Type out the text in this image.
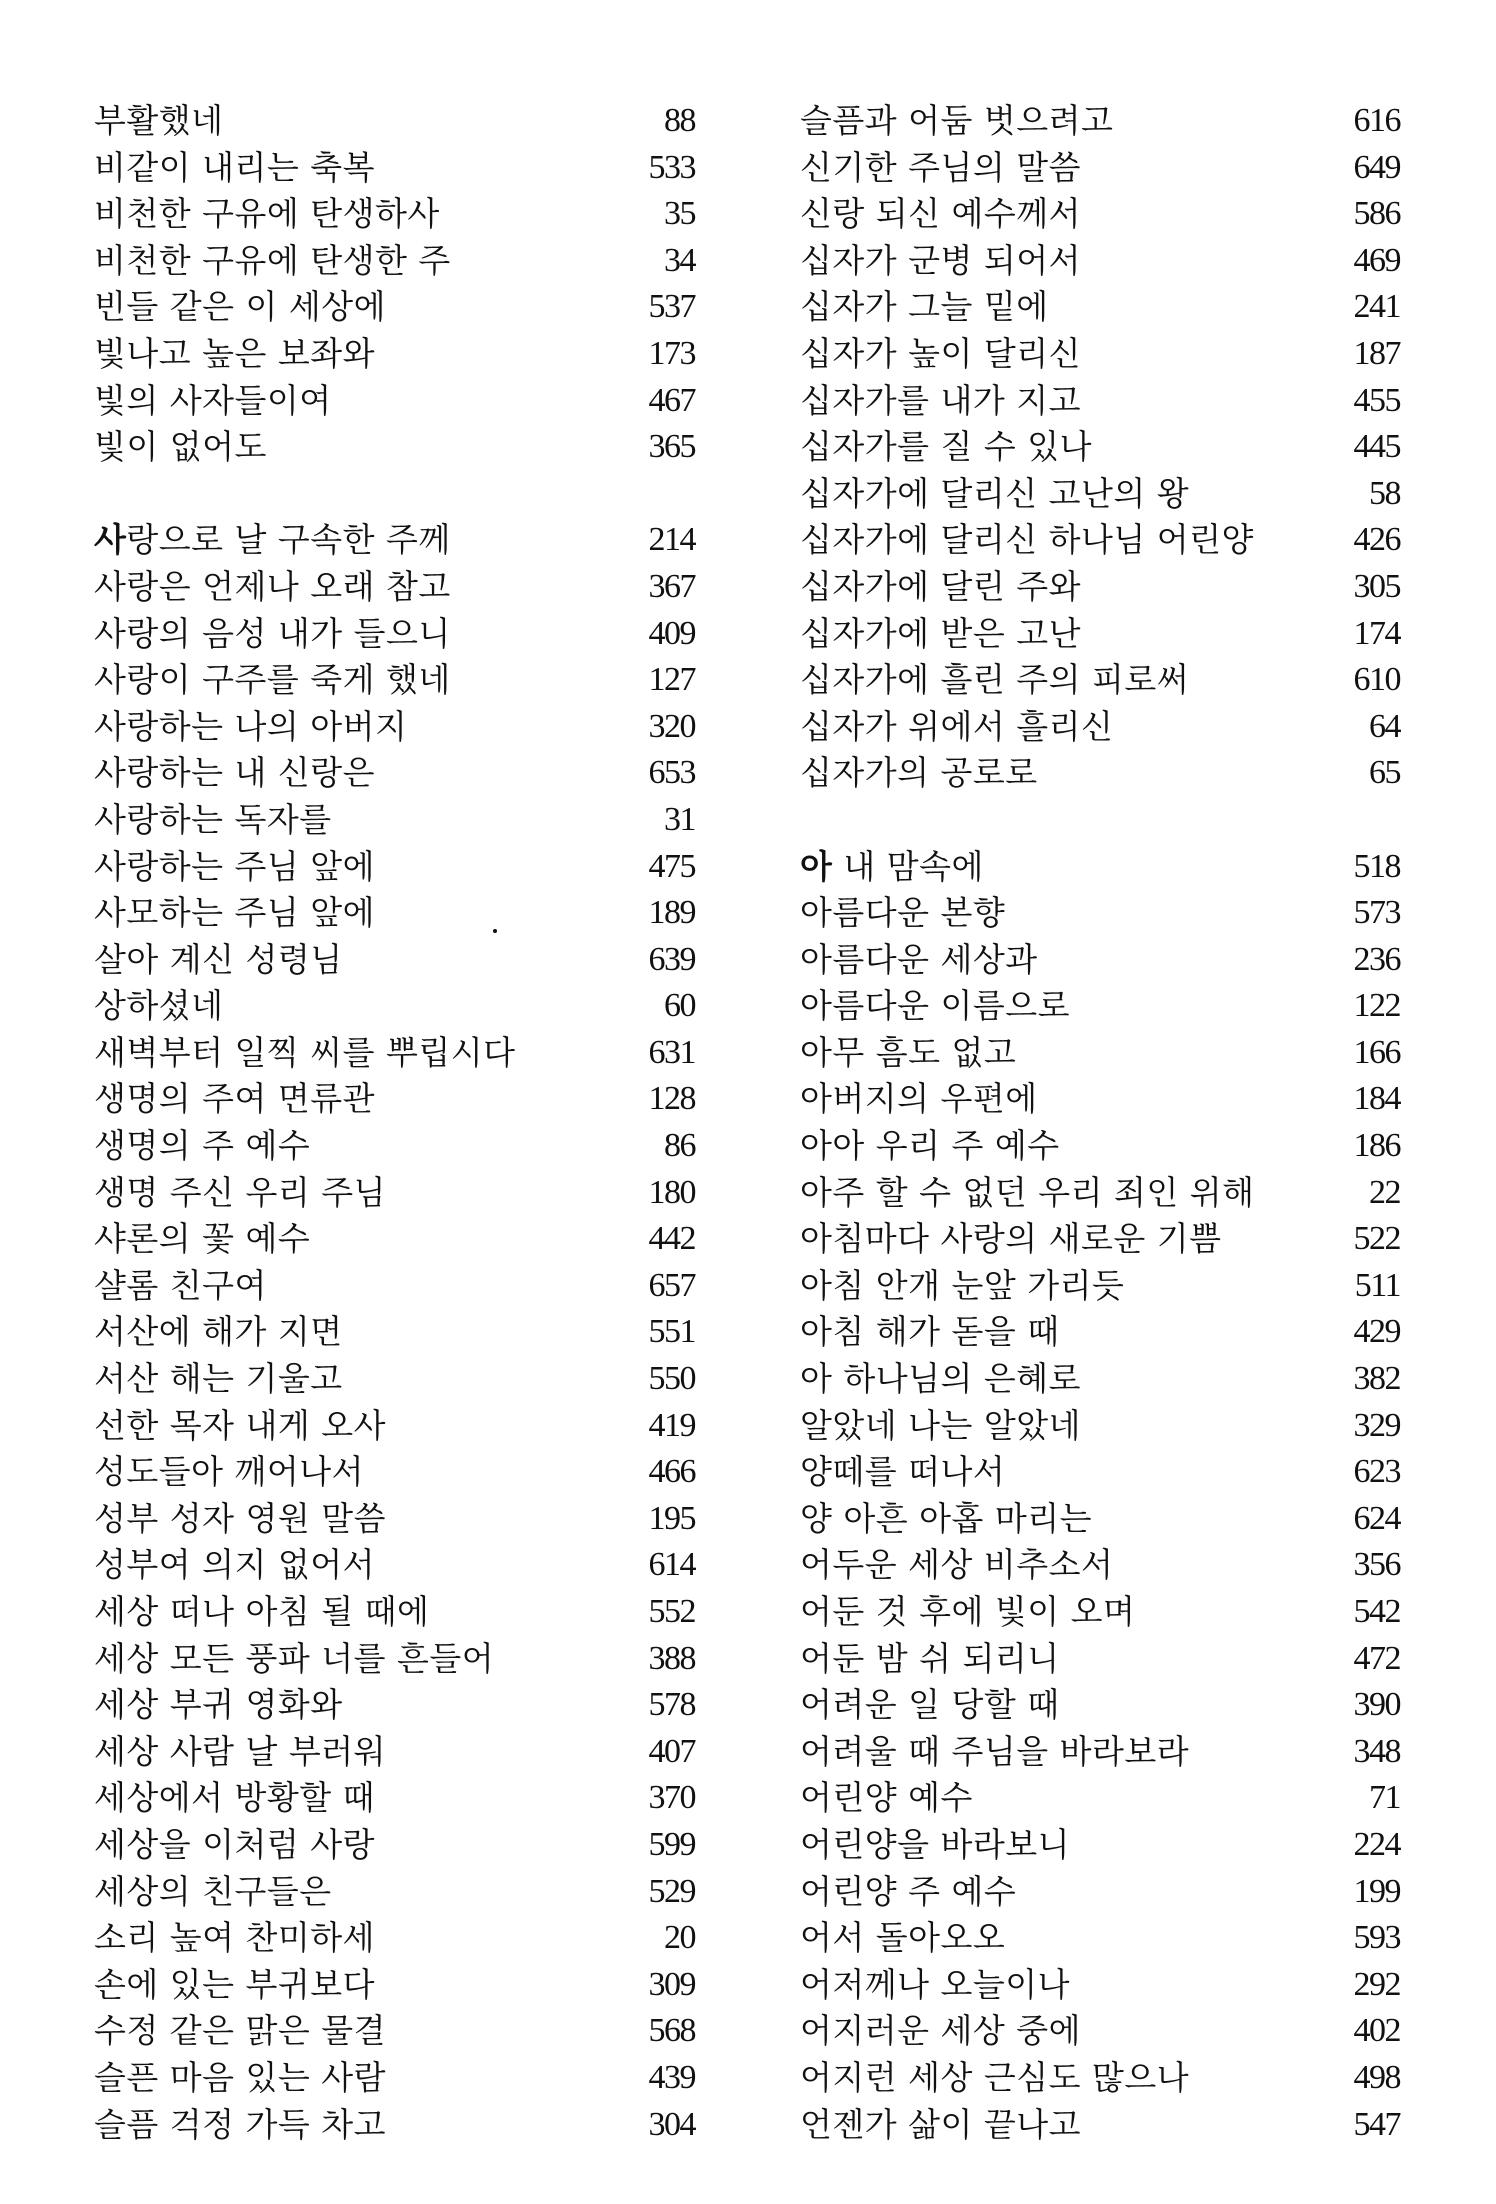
부활했네	88
비같이 내리는 축복	533
비천한 구유에 탄생하사	35
비천한 구유에 탄생한 주	34
빈들 같은 이 세상에	537
빛나고 높은 보좌와	173
빛의 사자들이여	467
빛이 없어도	365
사랑으로 날 구속한 주께	214
사랑은 언제나 오래 참고	367
사랑의 음성 내가 들으니	409
사랑이 구주를 죽게 했네	127
사랑하는 나의 아버지	320
사랑하는 내 신랑은	653
사랑하는 독자를	31
사랑하는 주님 앞에	475
사모하는 주님 앞에	189
살아 계신 성령님	639
상하셨네	60
새벽부터 일찍 씨를 뿌립시다	631
생명의 주여 면류관	128
생명의 주 예수	86
생명 주신 우리 주님	180
샤론의 꽃 예수	442
샬롬 친구여	657
서산에 해가 지면	551
서산 해는 기울고	550
선한 목자 내게 오사	419
성도들아 깨어나서	466
성부 성자 영원 말씀	195
성부여 의지 없어서	614
세상 떠나 아침 될 때에	552
세상 모든 풍파 너를 흔들어	388
세상 부귀 영화와	578
세상 사람 날 부러워	407
세상에서 방황할 때	370
세상을 이처럼 사랑	599
세상의 친구들은	529
소리 높여 찬미하세	20
손에 있는 부귀보다	309
수정 같은 맑은 물결	568
슬픈 마음 있는 사람	439
슬픔 걱정 가득 차고	304
슬픔과 어둠 벗으려고	616
신기한 주님의 말씀	649
신랑 되신 예수께서	586
십자가 군병 되어서	469
십자가 그늘 밑에	241
십자가 높이 달리신	187
십자가를 내가 지고	455
십자가를 질 수 있나	445
십자가에 달리신 고난의 왕	58
십자가에 달리신 하나님 어린양	426
십자가에 달린 주와	305
십자가에 받은 고난	174
십자가에 흘린 주의 피로써	610
십자가 위에서 흘리신	64
십자가의 공로로	65
아 내 맘속에	518
아름다운 본향	573
아름다운 세상과	236
아름다운 이름으로	122
아무 흠도 없고	166
아버지의 우편에	184
아아 우리 주 예수	186
아주 할 수 없던 우리 죄인 위해	22
아침마다 사랑의 새로운 기쁨	522
아침 안개 눈앞 가리듯	511
아침 해가 돋을 때	429
아 하나님의 은혜로	382
알았네 나는 알았네	329
양떼를 떠나서	623
양 아흔 아홉 마리는	624
어두운 세상 비추소서	356
어둔 것 후에 빛이 오며	542
어둔 밤 쉬 되리니	472
어려운 일 당할 때	390
어려울 때 주님을 바라보라	348
어린양 예수	71
어린양을 바라보니	224
어린양 주 예수	199
어서 돌아오오	593
어저께나 오늘이나	292
어지러운 세상 중에	402
어지런 세상 근심도 많으나	498
언젠가 삶이 끝나고	547
